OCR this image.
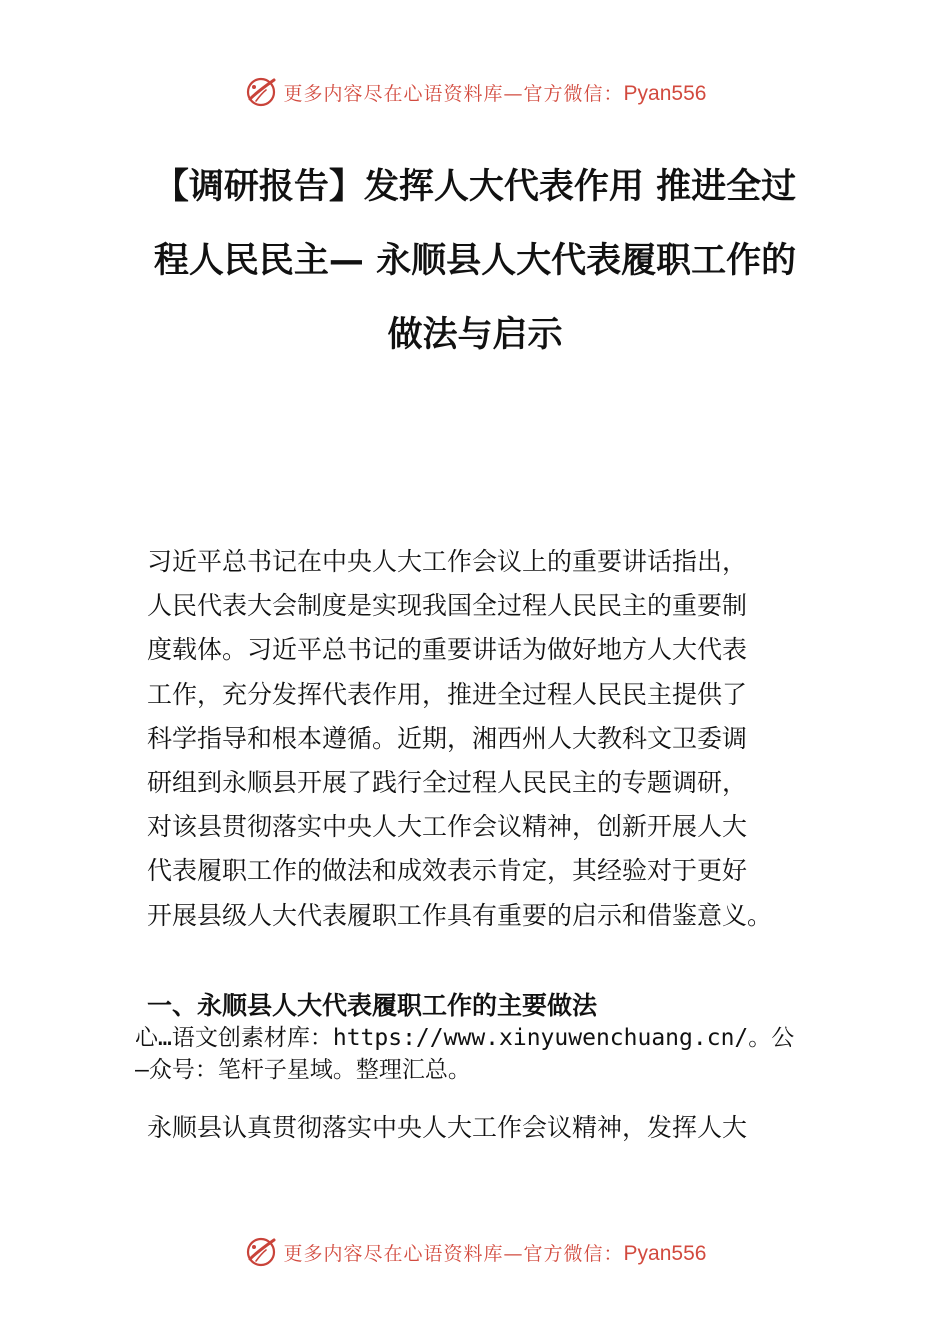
更多内容尽在心语资料库—官方微信：Pyan556
【调研报告】发挥人大代表作用 推进全过
程人民民主— 永顺县人大代表履职工作的
做法与启示
习近平总书记在中央人大工作会议上的重要讲话指出，
人民代表大会制度是实现我国全过程人民民主的重要制
度载体。习近平总书记的重要讲话为做好地方人大代表
工作，充分发挥代表作用，推进全过程人民民主提供了
科学指导和根本遵循。近期，湘西州人大教科文卫委调
研组到永顺县开展了践行全过程人民民主的专题调研，
对该县贯彻落实中央人大工作会议精神，创新开展人大
代表履职工作的做法和成效表示肯定，其经验对于更好
开展县级人大代表履职工作具有重要的启示和借鉴意义。
一、永顺县人大代表履职工作的主要做法
心…语文创素材库：https://www.xinyuwenchuang.cn/。公
—众号：笔杆子星域。整理汇总。
永顺县认真贯彻落实中央人大工作会议精神，发挥人大
更多内容尽在心语资料库—官方微信：Pyan556
